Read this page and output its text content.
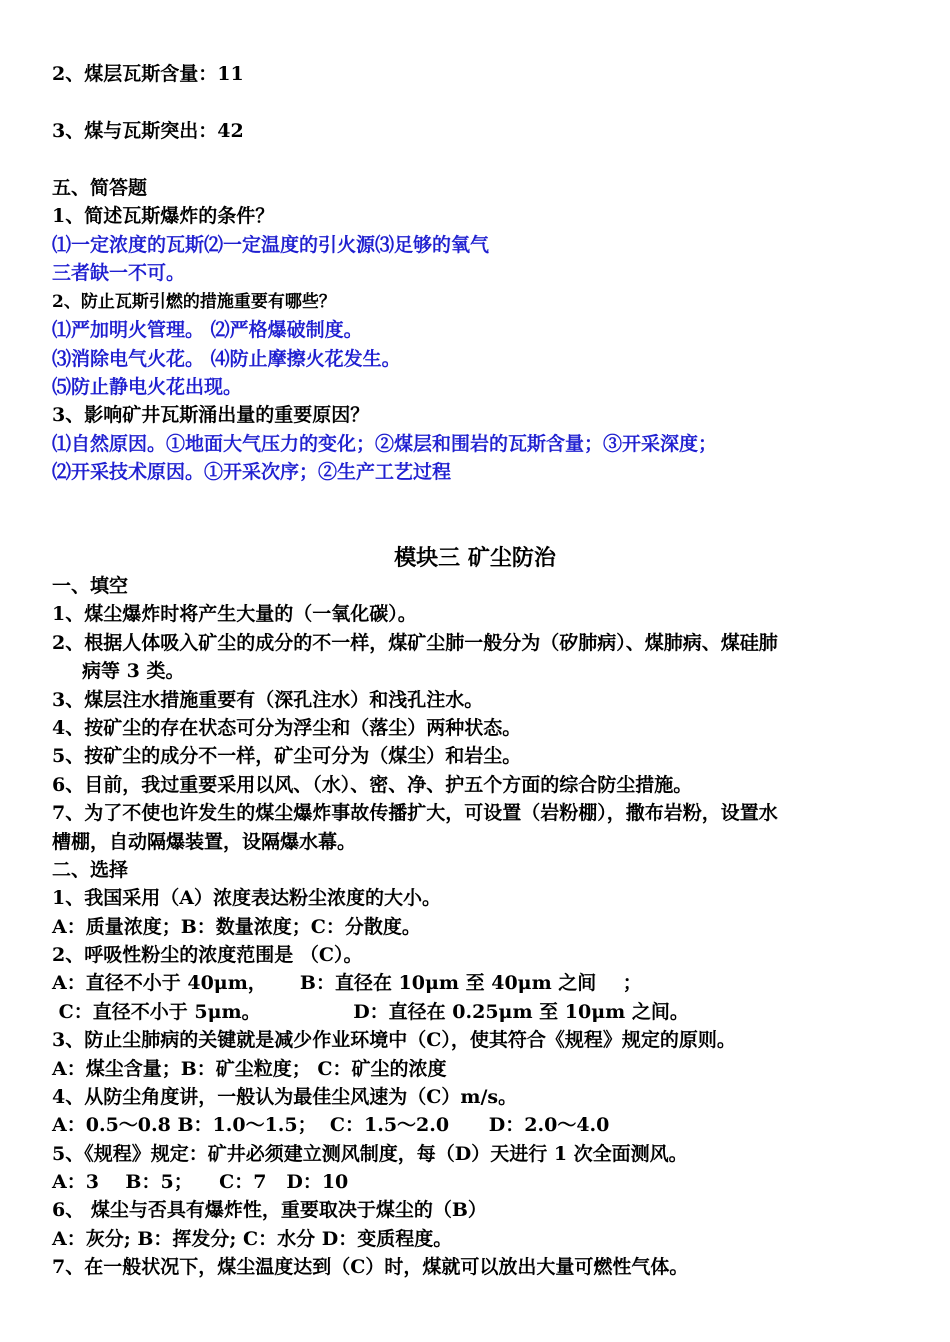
2、煤层瓦斯含量：11
3、煤与瓦斯突出：42
五、简答题
1、简述瓦斯爆炸的条件？
⑴一定浓度的瓦斯⑵一定温度的引火源⑶足够的氧气
三者缺一不可。
2、防止瓦斯引燃的措施重要有哪些？
⑴严加明火管理。 ⑵严格爆破制度。
⑶消除电气火花。 ⑷防止摩擦火花发生。
⑸防止静电火花出现。
3、影响矿井瓦斯涌出量的重要原因？
⑴自然原因。①地面大气压力的变化；②煤层和围岩的瓦斯含量；③开采深度；
⑵开采技术原因。①开采次序；②生产工艺过程
模块三 矿尘防治
一、填空
1、煤尘爆炸时将产生大量的（一氧化碳）。
2、根据人体吸入矿尘的成分的不一样，煤矿尘肺一般分为（矽肺病）、煤肺病、煤硅肺
病等 3 类。
3、煤层注水措施重要有（深孔注水）和浅孔注水。
4、按矿尘的存在状态可分为浮尘和（落尘）两种状态。
5、按矿尘的成分不一样，矿尘可分为（煤尘）和岩尘。
6、目前，我过重要采用以风、（水）、密、净、护五个方面的综合防尘措施。
7、为了不使也许发生的煤尘爆炸事故传播扩大，可设置（岩粉棚），撒布岩粉，设置水
槽棚，自动隔爆装置，设隔爆水幕。
二、选择
1、我国采用（A）浓度表达粉尘浓度的大小。
A：质量浓度；B：数量浓度；C：分散度。
2、呼吸性粉尘的浓度范围是 （C）。
A：直径不小于 40μm，     B：直径在 10μm 至 40μm 之间    ；
C：直径不小于 5μm。              D：直径在 0.25μm 至 10μm 之间。
3、防止尘肺病的关键就是减少作业环境中（C），使其符合《规程》规定的原则。
A：煤尘含量；B：矿尘粒度； C：矿尘的浓度
4、从防尘角度讲，一般认为最佳尘风速为（C）m/s。
A：0.5～0.8 B：1.0～1.5；  C：1.5～2.0      D：2.0～4.0
5、《规程》规定：矿井必须建立测风制度，每（D）天进行 1 次全面测风。
A：3    B：5；    C：7   D：10
6、 煤尘与否具有爆炸性，重要取决于煤尘的（B）
A：灰分; B：挥发分; C：水分 D：变质程度。
7、在一般状况下，煤尘温度达到（C）时，煤就可以放出大量可燃性气体。
